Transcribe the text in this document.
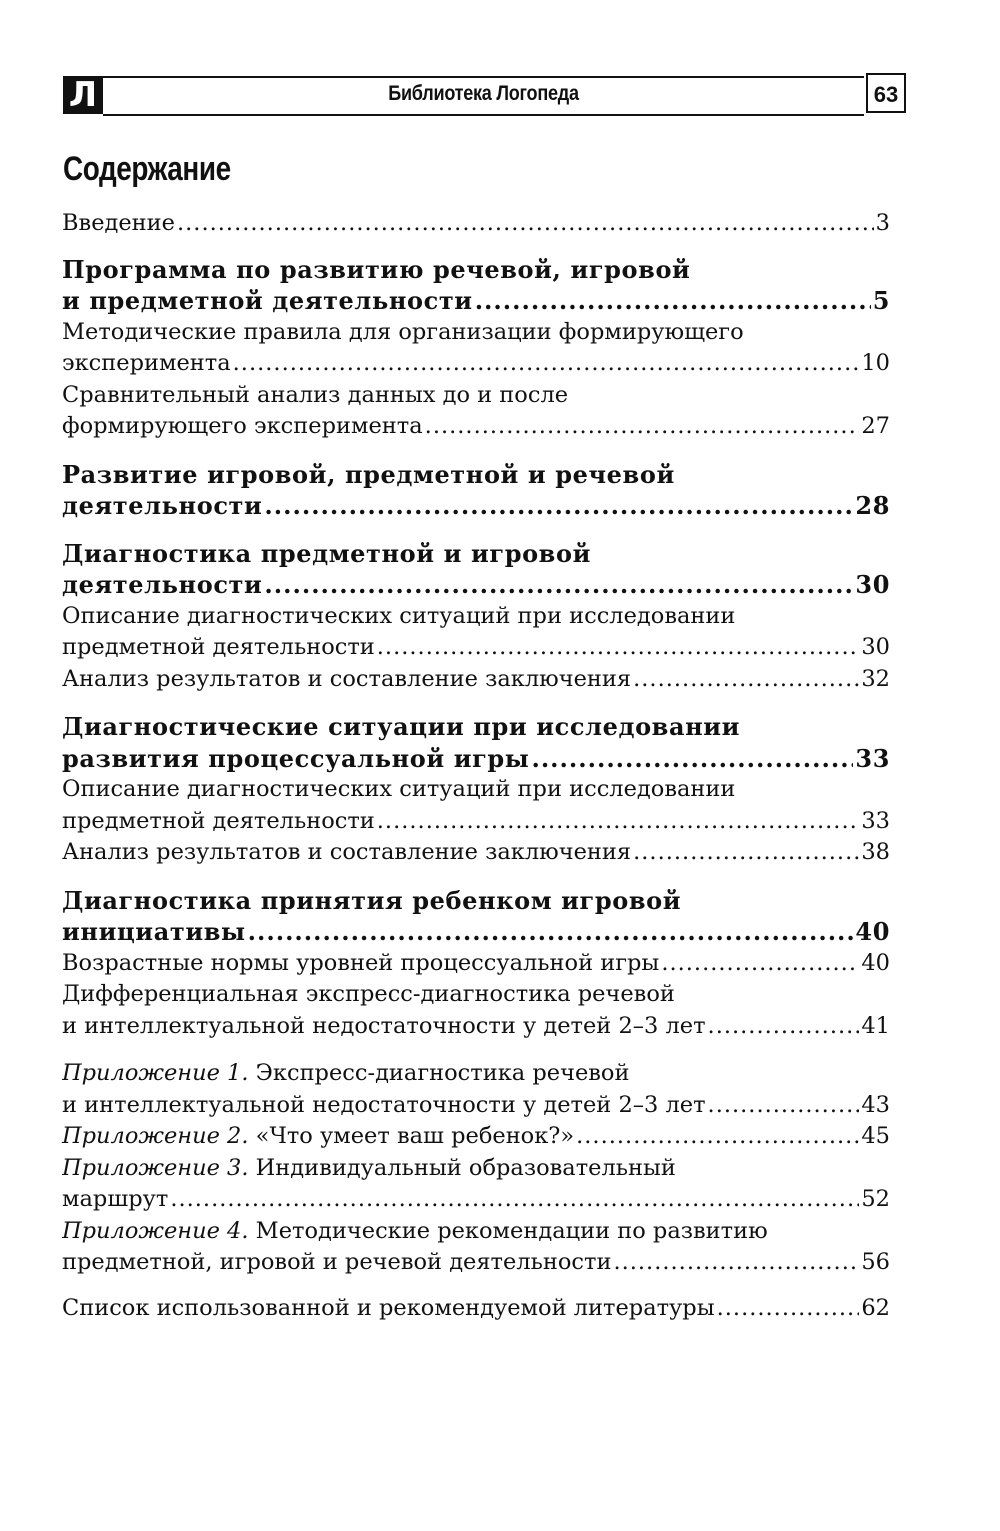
Л	Библиотека Логопеда	63
Содержание
Введение .....	3
Программа по развитию речевой, игровой
и предметной деятельности .....	5
Методические правила для организации формирующего
эксперимента .....	10
Сравнительный анализ данных до и после
формирующего эксперимента .....	27
Развитие игровой, предметной и речевой
деятельности .....	28
Диагностика предметной и игровой
деятельности .....	30
Описание диагностических ситуаций при исследовании
предметной деятельности .....	30
Анализ результатов и составление заключения .....	32
Диагностические ситуации при исследовании
развития процессуальной игры .....	33
Описание диагностических ситуаций при исследовании
предметной деятельности .....	33
Анализ результатов и составление заключения .....	38
Диагностика принятия ребенком игровой
инициативы .....	40
Возрастные нормы уровней процессуальной игры .....	40
Дифференциальная экспресс-диагностика речевой
и интеллектуальной недостаточности у детей 2–3 лет .....	41
Приложение 1. Экспресс-диагностика речевой
и интеллектуальной недостаточности у детей 2–3 лет .....	43
Приложение 2. «Что умеет ваш ребенок?» .....	45
Приложение 3. Индивидуальный образовательный
маршрут .....	52
Приложение 4. Методические рекомендации по развитию
предметной, игровой и речевой деятельности .....	56
Список использованной и рекомендуемой литературы .....	62
